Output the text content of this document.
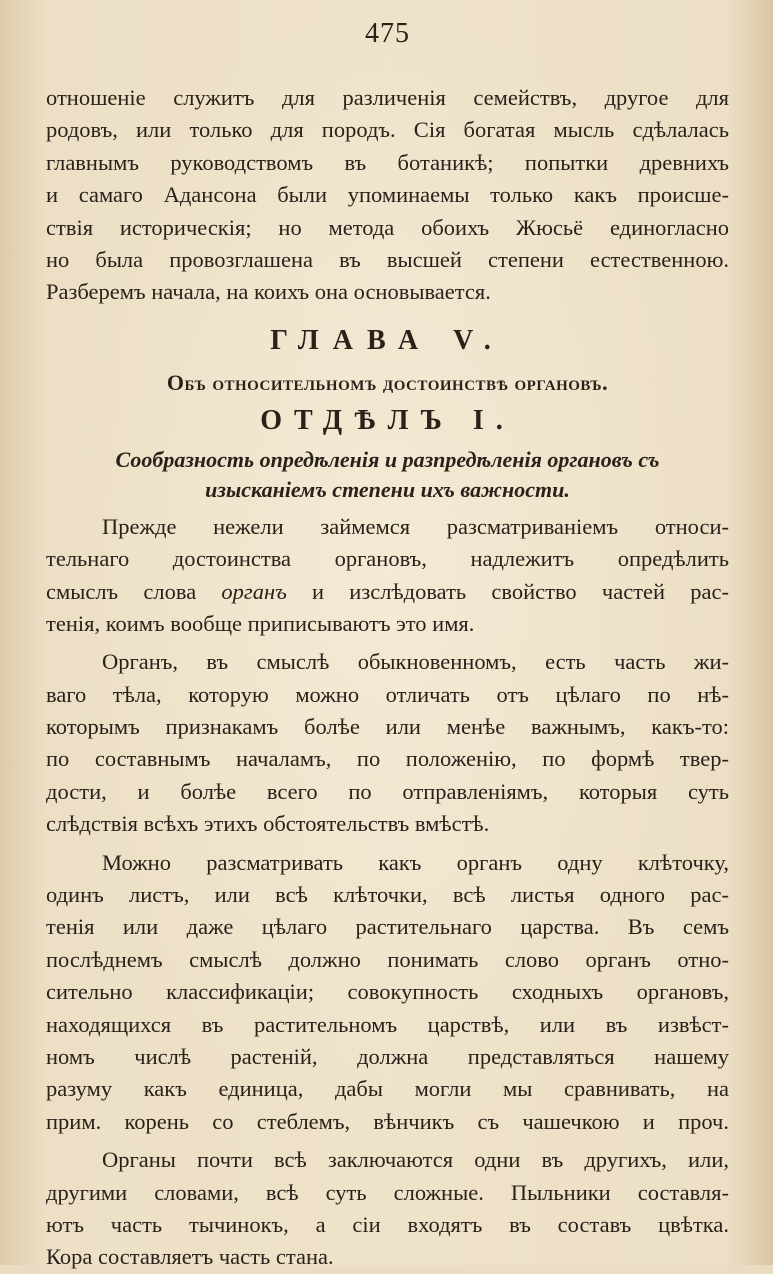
475
отношеніе служитъ для различенія семействъ, другое для
родовъ, или только для породъ. Сія богатая мысль сдѣлалась
главнымъ руководствомъ въ ботаникѣ; попытки древнихъ
и самаго Адансона были упоминаемы только какъ происше-
ствія историческія; но метода обоихъ Жюсьё единогласно
но была провозглашена въ высшей степени естественною.
Разберемъ начала, на коихъ она основывается.
ГЛАВА V.
Объ относительномъ достоинствѣ органовъ.
ОТДѢЛЪ I.
Сообразность опредѣленія и разпредѣленія органовъ съ
изысканіемъ степени ихъ важности.
Прежде нежели займемся разсматриваніемъ относи-
тельнаго достоинства органовъ, надлежитъ опредѣлить
смыслъ слова органъ и изслѣдовать свойство частей рас-
тенія, коимъ вообще приписываютъ это имя.
Органъ, въ смыслѣ обыкновенномъ, есть часть жи-
ваго тѣла, которую можно отличать отъ цѣлаго по нѣ-
которымъ признакамъ болѣе или менѣе важнымъ, какъ-то:
по составнымъ началамъ, по положенію, по формѣ твер-
дости, и болѣе всего по отправленіямъ, которыя суть
слѣдствія всѣхъ этихъ обстоятельствъ вмѣстѣ.
Можно разсматривать какъ органъ одну клѣточку,
одинъ листъ, или всѣ клѣточки, всѣ листья одного рас-
тенія или даже цѣлаго растительнаго царства. Въ семъ
послѣднемъ смыслѣ должно понимать слово органъ отно-
сительно классификаціи; совокупность сходныхъ органовъ,
находящихся въ растительномъ царствѣ, или въ извѣст-
номъ числѣ растеній, должна представляться нашему
разуму какъ единица, дабы могли мы сравнивать, на
прим. корень со стеблемъ, вѣнчикъ съ чашечкою и проч.
Органы почти всѣ заключаются одни въ другихъ, или,
другими словами, всѣ суть сложные. Пыльники составля-
ютъ часть тычинокъ, а сіи входятъ въ составъ цвѣтка.
Кора составляетъ часть стана.
